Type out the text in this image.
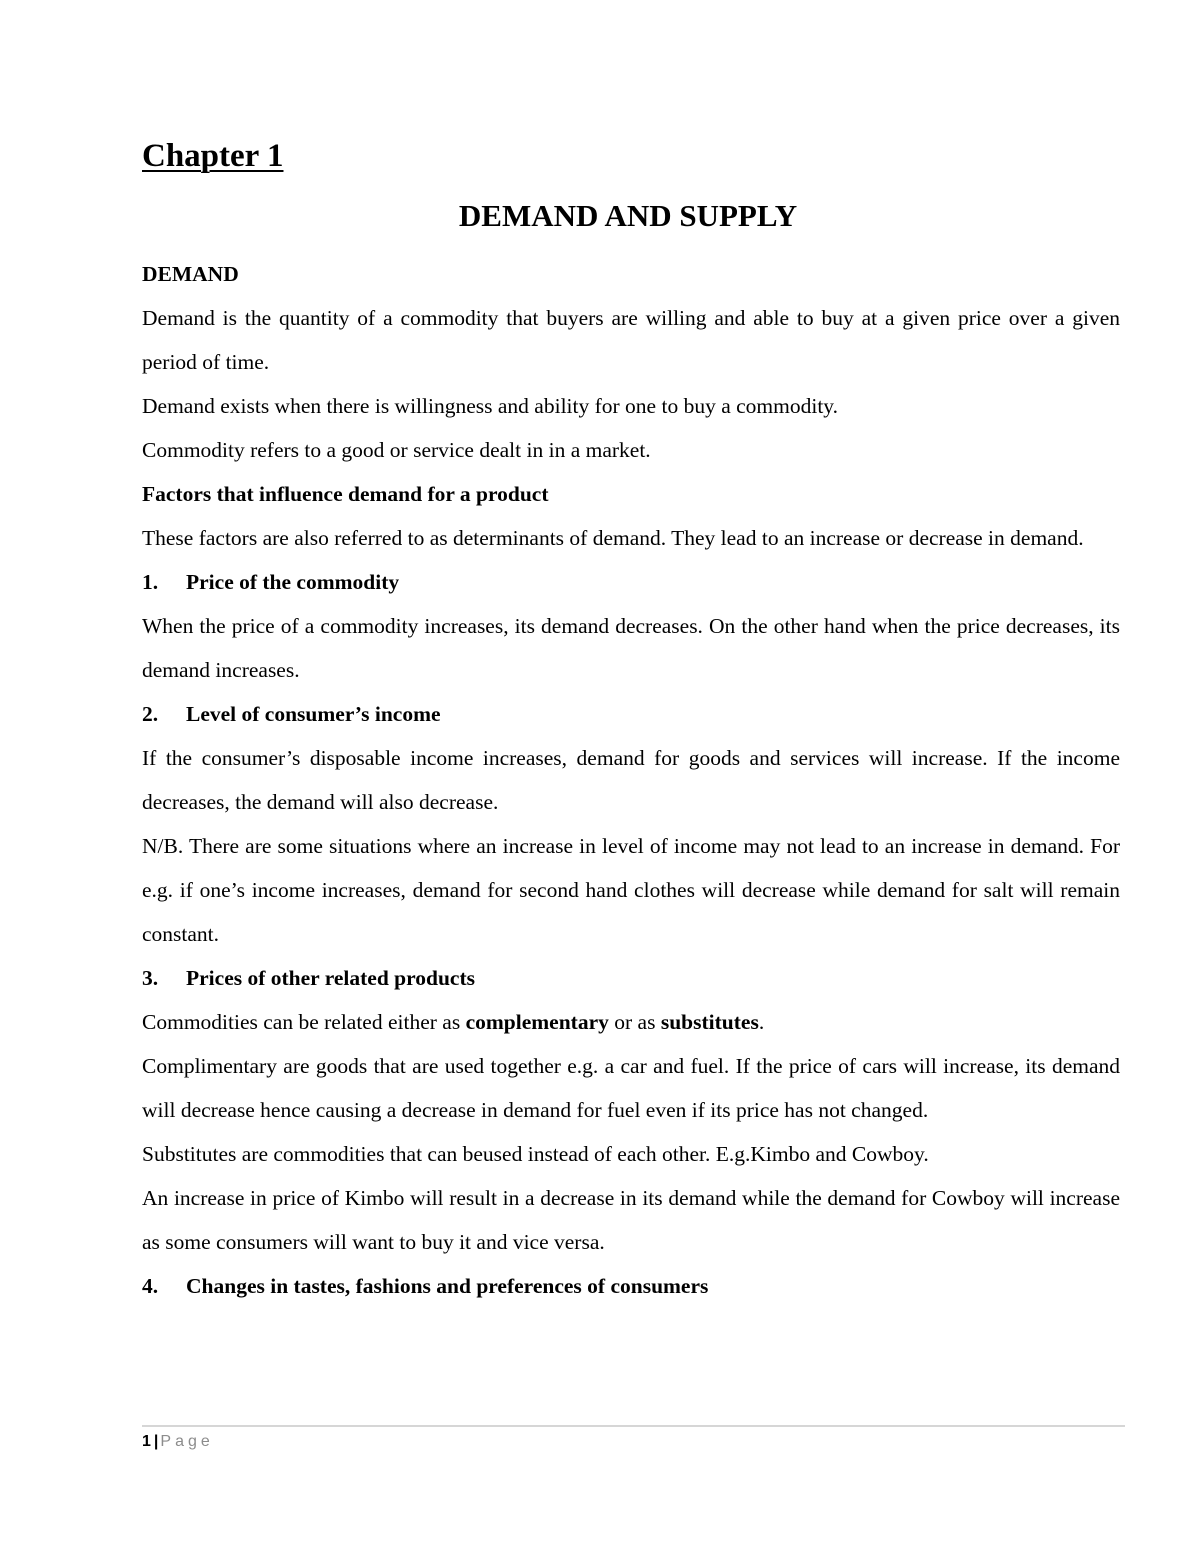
Chapter 1
DEMAND AND SUPPLY

DEMAND

Demand is the quantity of a commodity that buyers are willing and able to buy at a given price over a given period of time.

Demand exists when there is willingness and ability for one to buy a commodity.

Commodity refers to a good or service dealt in in a market.

Factors that influence demand for a product

These factors are also referred to as determinants of demand. They lead to an increase or decrease in demand.

1. Price of the commodity

When the price of a commodity increases, its demand decreases. On the other hand when the price decreases, its demand increases.

2. Level of consumer’s income

If the consumer’s disposable income increases, demand for goods and services will increase. If the income decreases, the demand will also decrease.

N/B. There are some situations where an increase in level of income may not lead to an increase in demand. For e.g. if one’s income increases, demand for second hand clothes will decrease while demand for salt will remain constant.

3. Prices of other related products

Commodities can be related either as complementary or as substitutes.

Complimentary are goods that are used together e.g. a car and fuel. If the price of cars will increase, its demand will decrease hence causing a decrease in demand for fuel even if its price has not changed.

Substitutes are commodities that can beused instead of each other. E.g.Kimbo and Cowboy.

An increase in price of Kimbo will result in a decrease in its demand while the demand for Cowboy will increase as some consumers will want to buy it and vice versa.

4. Changes in tastes, fashions and preferences of consumers

1 | Page
